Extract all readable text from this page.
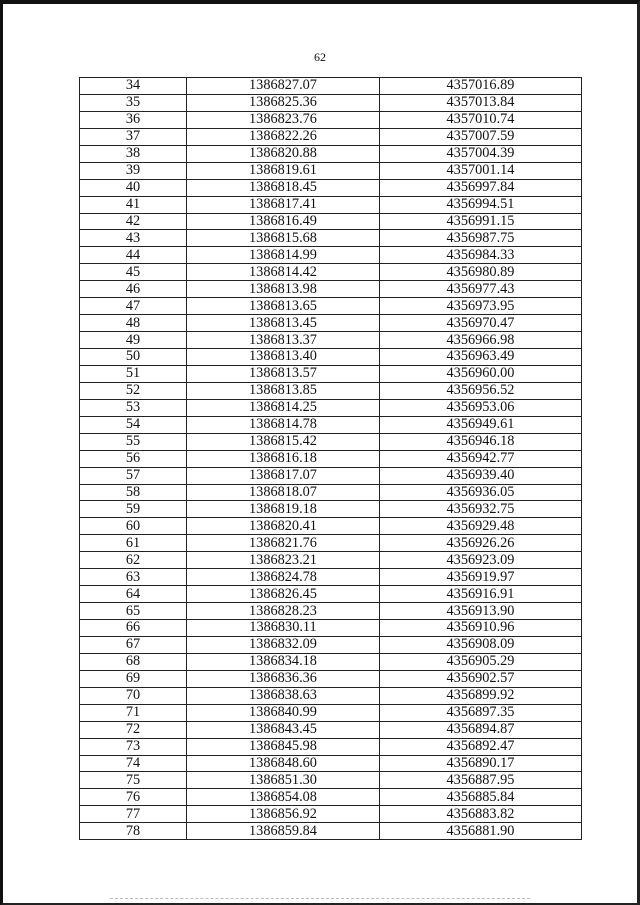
62
34	1386827.07	4357016.89
35	1386825.36	4357013.84
36	1386823.76	4357010.74
37	1386822.26	4357007.59
38	1386820.88	4357004.39
39	1386819.61	4357001.14
40	1386818.45	4356997.84
41	1386817.41	4356994.51
42	1386816.49	4356991.15
43	1386815.68	4356987.75
44	1386814.99	4356984.33
45	1386814.42	4356980.89
46	1386813.98	4356977.43
47	1386813.65	4356973.95
48	1386813.45	4356970.47
49	1386813.37	4356966.98
50	1386813.40	4356963.49
51	1386813.57	4356960.00
52	1386813.85	4356956.52
53	1386814.25	4356953.06
54	1386814.78	4356949.61
55	1386815.42	4356946.18
56	1386816.18	4356942.77
57	1386817.07	4356939.40
58	1386818.07	4356936.05
59	1386819.18	4356932.75
60	1386820.41	4356929.48
61	1386821.76	4356926.26
62	1386823.21	4356923.09
63	1386824.78	4356919.97
64	1386826.45	4356916.91
65	1386828.23	4356913.90
66	1386830.11	4356910.96
67	1386832.09	4356908.09
68	1386834.18	4356905.29
69	1386836.36	4356902.57
70	1386838.63	4356899.92
71	1386840.99	4356897.35
72	1386843.45	4356894.87
73	1386845.98	4356892.47
74	1386848.60	4356890.17
75	1386851.30	4356887.95
76	1386854.08	4356885.84
77	1386856.92	4356883.82
78	1386859.84	4356881.90
